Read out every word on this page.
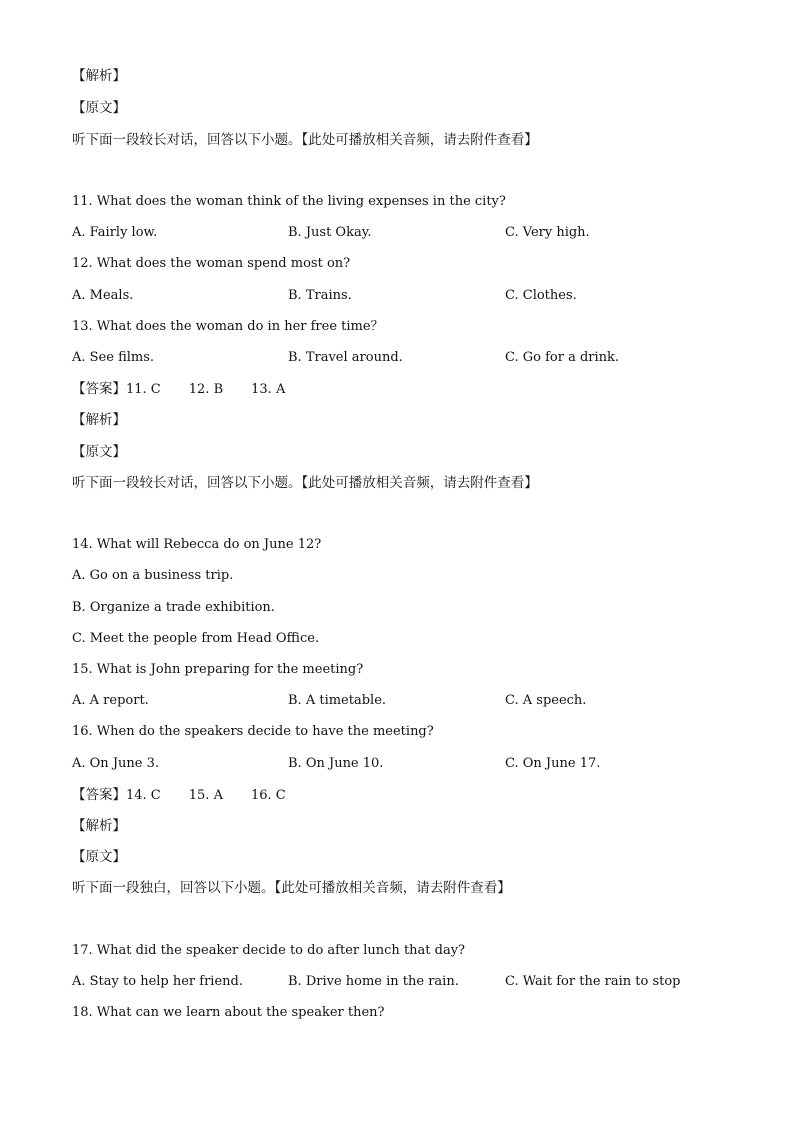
【解析】
【原文】
听下面一段较长对话，回答以下小题。【此处可播放相关音频，请去附件查看】
11. What does the woman think of the living expenses in the city?
A. Fairly low.	B. Just Okay.	C. Very high.
12. What does the woman spend most on?
A. Meals.	B. Trains.	C. Clothes.
13. What does the woman do in her free time？
A. See films.	B. Travel around.	C. Go for a drink.
【答案】11. C 12. B 13. A
【解析】
【原文】
听下面一段较长对话，回答以下小题。【此处可播放相关音频，请去附件查看】
14. What will Rebecca do on June 12?
A. Go on a business trip.
B. Organize a trade exhibition.
C. Meet the people from Head Office.
15. What is John preparing for the meeting?
A. A report.	B. A timetable.	C. A speech.
16. When do the speakers decide to have the meeting?
A. On June 3.	B. On June 10.	C. On June 17.
【答案】14. C 15. A 16. C
【解析】
【原文】
听下面一段独白，回答以下小题。【此处可播放相关音频，请去附件查看】
17. What did the speaker decide to do after lunch that day?
A. Stay to help her friend.	B. Drive home in the rain.	C. Wait for the rain to stop
18. What can we learn about the speaker then?
